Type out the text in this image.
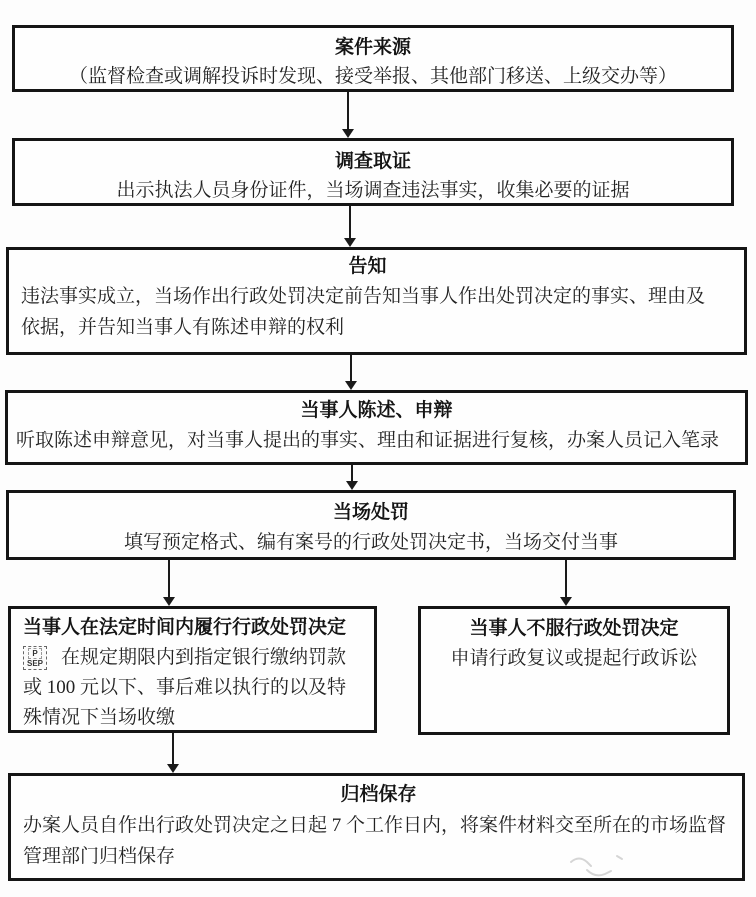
案件来源
（监督检查或调解投诉时发现、接受举报、其他部门移送、上级交办等）
调查取证
出示执法人员身份证件，当场调查违法事实，收集必要的证据
告知
违法事实成立，当场作出行政处罚决定前告知当事人作出处罚决定的事实、理由及依据，并告知当事人有陈述申辩的权利
当事人陈述、申辩
听取陈述申辩意见，对当事人提出的事实、理由和证据进行复核，办案人员记入笔录
当场处罚
填写预定格式、编有案号的行政处罚决定书，当场交付当事
当事人在法定时间内履行行政处罚决定
P
SEP 在规定期限内到指定银行缴纳罚款或 100 元以下、事后难以执行的以及特殊情况下当场收缴
当事人不服行政处罚决定
申请行政复议或提起行政诉讼
归档保存
办案人员自作出行政处罚决定之日起 7 个工作日内，将案件材料交至所在的市场监督管理部门归档保存
